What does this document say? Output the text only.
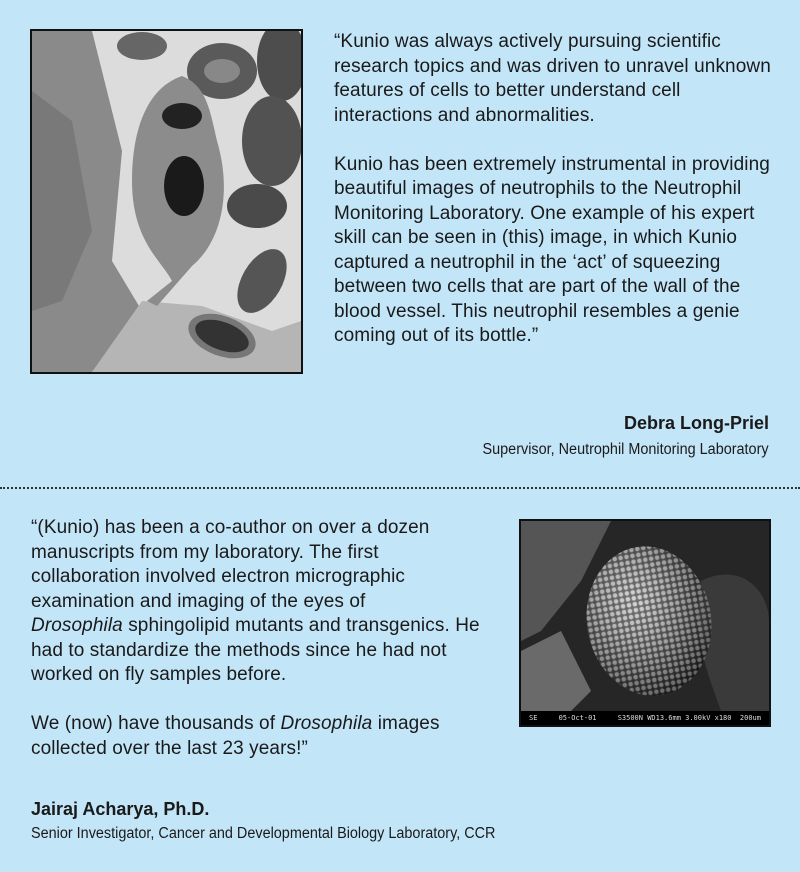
“Kunio was always actively pursuing scientific research topics and was driven to unravel unknown features of cells to better understand cell interactions and abnormalities.

Kunio has been extremely instrumental in providing beautiful images of neutrophils to the Neutrophil Monitoring Laboratory. One example of his expert skill can be seen in (this) image, in which Kunio captured a neutrophil in the ‘act’ of squeezing between two cells that are part of the wall of the blood vessel. This neutrophil resembles a genie coming out of its bottle.”

Debra Long-Priel
Supervisor, Neutrophil Monitoring Laboratory

“(Kunio) has been a co-author on over a dozen
manuscripts from my laboratory. The first
collaboration involved electron micrographic
examination and imaging of the eyes of
Drosophila sphingolipid mutants and transgenics. He had to standardize the methods since he had not worked on fly samples before.

We (now) have thousands of Drosophila images collected over the last 23 years!”

SE	05-Oct-01	S3500N WD13.6mm 3.00kV x180  200um
Jairaj Acharya, Ph.D.
Senior Investigator, Cancer and Developmental Biology Laboratory, CCR
